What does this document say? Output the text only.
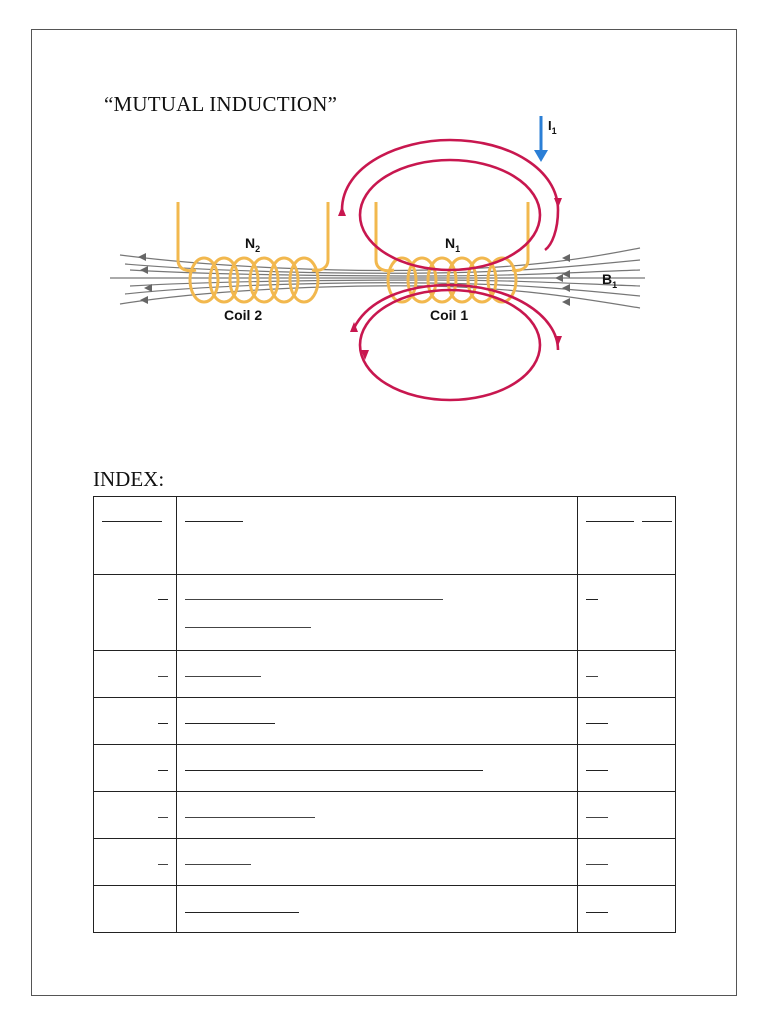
“MUTUAL INDUCTION”
$I_1$
$B_1$
$N_2$	$N_1$
Coil 2	Coil 1
INDEX:
